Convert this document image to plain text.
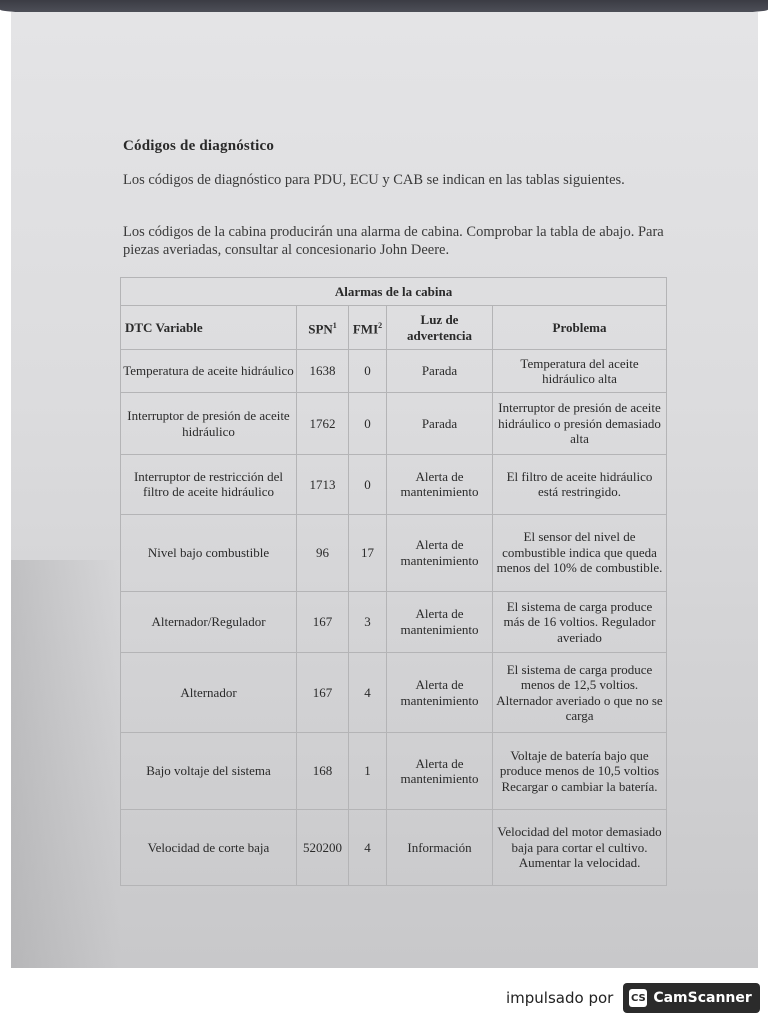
Códigos de diagnóstico

Los códigos de diagnóstico para PDU, ECU y CAB se indican en las tablas siguientes.

Los códigos de la cabina producirán una alarma de cabina. Comprobar la tabla de abajo. Para piezas averiadas, consultar al concesionario John Deere.

Alarmas de la cabina				
DTC Variable	SPN$^1$	FMI$^2$	Luz de advertencia	Problema
Temperatura de aceite hidráulico	1638	0	Parada	Temperatura del aceite hidráulico alta
Interruptor de presión de aceite hidráulico	1762	0	Parada	Interruptor de presión de aceite hidráulico o presión demasiado alta
Interruptor de restricción del filtro de aceite hidráulico	1713	0	Alerta de mantenimiento	El filtro de aceite hidráulico está restringido.
Nivel bajo combustible	96	17	Alerta de mantenimiento	El sensor del nivel de combustible indica que queda menos del 10% de combustible.
Alternador/Regulador	167	3	Alerta de mantenimiento	El sistema de carga produce más de 16 voltios. Regulador averiado
Alternador	167	4	Alerta de mantenimiento	El sistema de carga produce menos de 12,5 voltios. Alternador averiado o que no se carga
Bajo voltaje del sistema	168	1	Alerta de mantenimiento	Voltaje de batería bajo que produce menos de 10,5 voltios Recargar o cambiar la batería.
Velocidad de corte baja	520200	4	Información	Velocidad del motor demasiado baja para cortar el cultivo. Aumentar la velocidad.
impulsado por CS CamScanner
